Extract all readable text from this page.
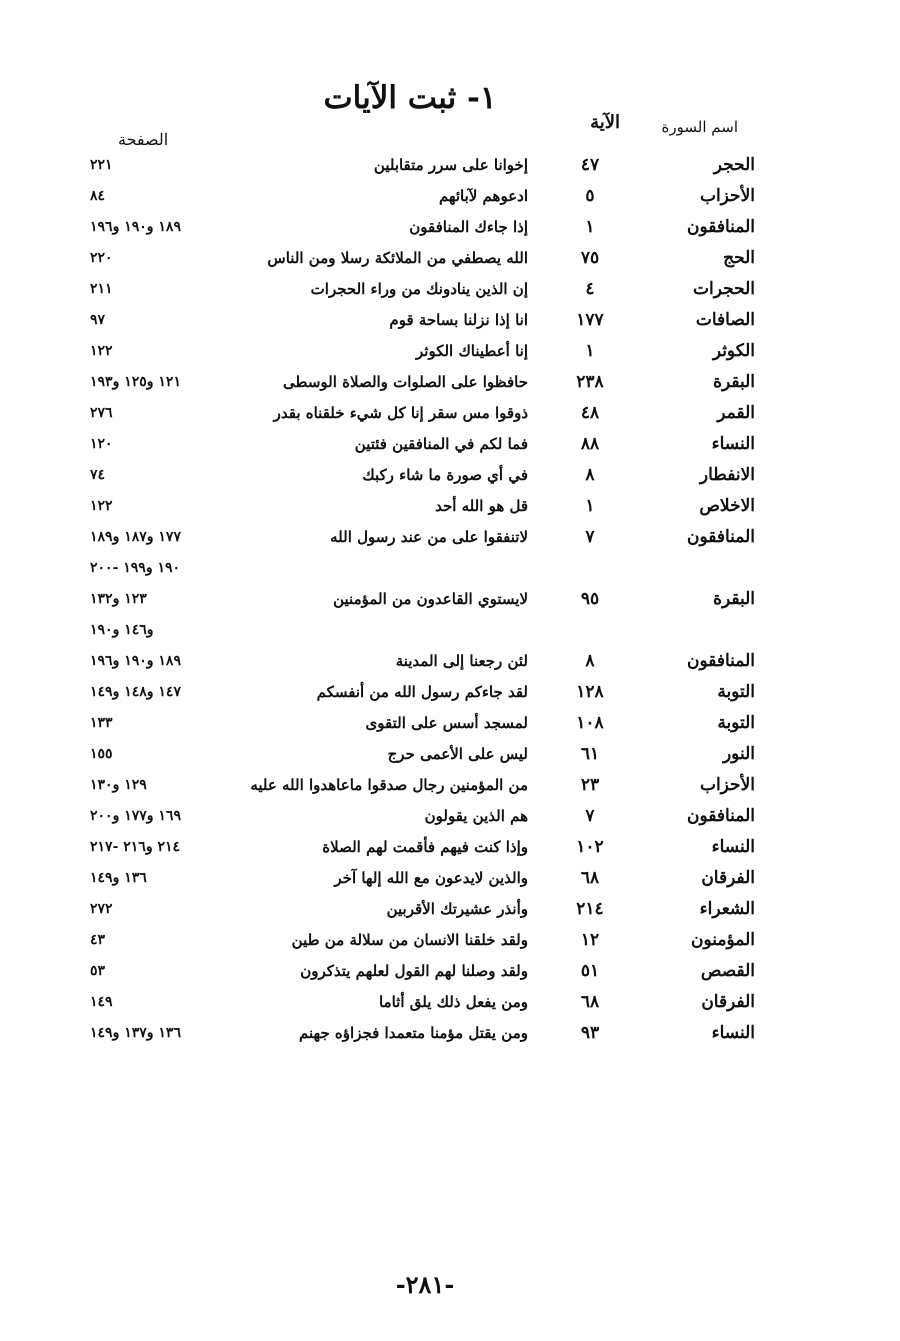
١- ثبت الآيات
اسم السورة
الآية
الصفحة
الحجر
٤٧
إخوانا على سرر متقابلين
٢٢١
الأحزاب
٥
ادعوهم لآبائهم
٨٤
المنافقون
١
إذا جاءك المنافقون
١٨٩ و١٩٠ و١٩٦
الحج
٧٥
الله يصطفي من الملائكة رسلا ومن الناس
٢٢٠
الحجرات
٤
إن الذين ينادونك من وراء الحجرات
٢١١
الصافات
١٧٧
انا إذا نزلنا بساحة قوم
٩٧
الكوثر
١
إنا أعطيناك الكوثر
١٢٢
البقرة
٢٣٨
حافظوا على الصلوات والصلاة الوسطى
١٢١ و١٢٥ و١٩٣
القمر
٤٨
ذوقوا مس سقر إنا كل شيء خلقناه بقدر
٢٧٦
النساء
٨٨
فما لكم في المنافقين فئتين
١٢٠
الانفطار
٨
في أي صورة ما شاء ركبك
٧٤
الاخلاص
١
قل هو الله أحد
١٢٢
المنافقون
٧
لاتنفقوا على من عند رسول الله
١٧٧ و١٨٧ و١٨٩
١٩٠ و١٩٩ -٢٠٠
البقرة
٩٥
لايستوي القاعدون من المؤمنين
١٢٣ و١٣٢
و١٤٦ و١٩٠
المنافقون
٨
لئن رجعنا إلى المدينة
١٨٩ و١٩٠ و١٩٦
التوبة
١٢٨
لقد جاءكم رسول الله من أنفسكم
١٤٧ و١٤٨ و١٤٩
التوبة
١٠٨
لمسجد أسس على التقوى
١٣٣
النور
٦١
ليس على الأعمى حرج
١٥٥
الأحزاب
٢٣
من المؤمنين رجال صدقوا ماعاهدوا الله عليه
١٢٩ و١٣٠
المنافقون
٧
هم الذين يقولون
١٦٩ و١٧٧ و٢٠٠
النساء
١٠٢
وإذا كنت فيهم فأقمت لهم الصلاة
٢١٤ و٢١٦ -٢١٧
الفرقان
٦٨
والذين لايدعون مع الله إلها آخر
١٣٦ و١٤٩
الشعراء
٢١٤
وأنذر عشيرتك الأقربين
٢٧٢
المؤمنون
١٢
ولقد خلقنا الانسان من سلالة من طين
٤٣
القصص
٥١
ولقد وصلنا لهم القول لعلهم يتذكرون
٥٣
الفرقان
٦٨
ومن يفعل ذلك يلق أثاما
١٤٩
النساء
٩٣
ومن يقتل مؤمنا متعمدا فجزاؤه جهنم
١٣٦ و١٣٧ و١٤٩
-٢٨١-
